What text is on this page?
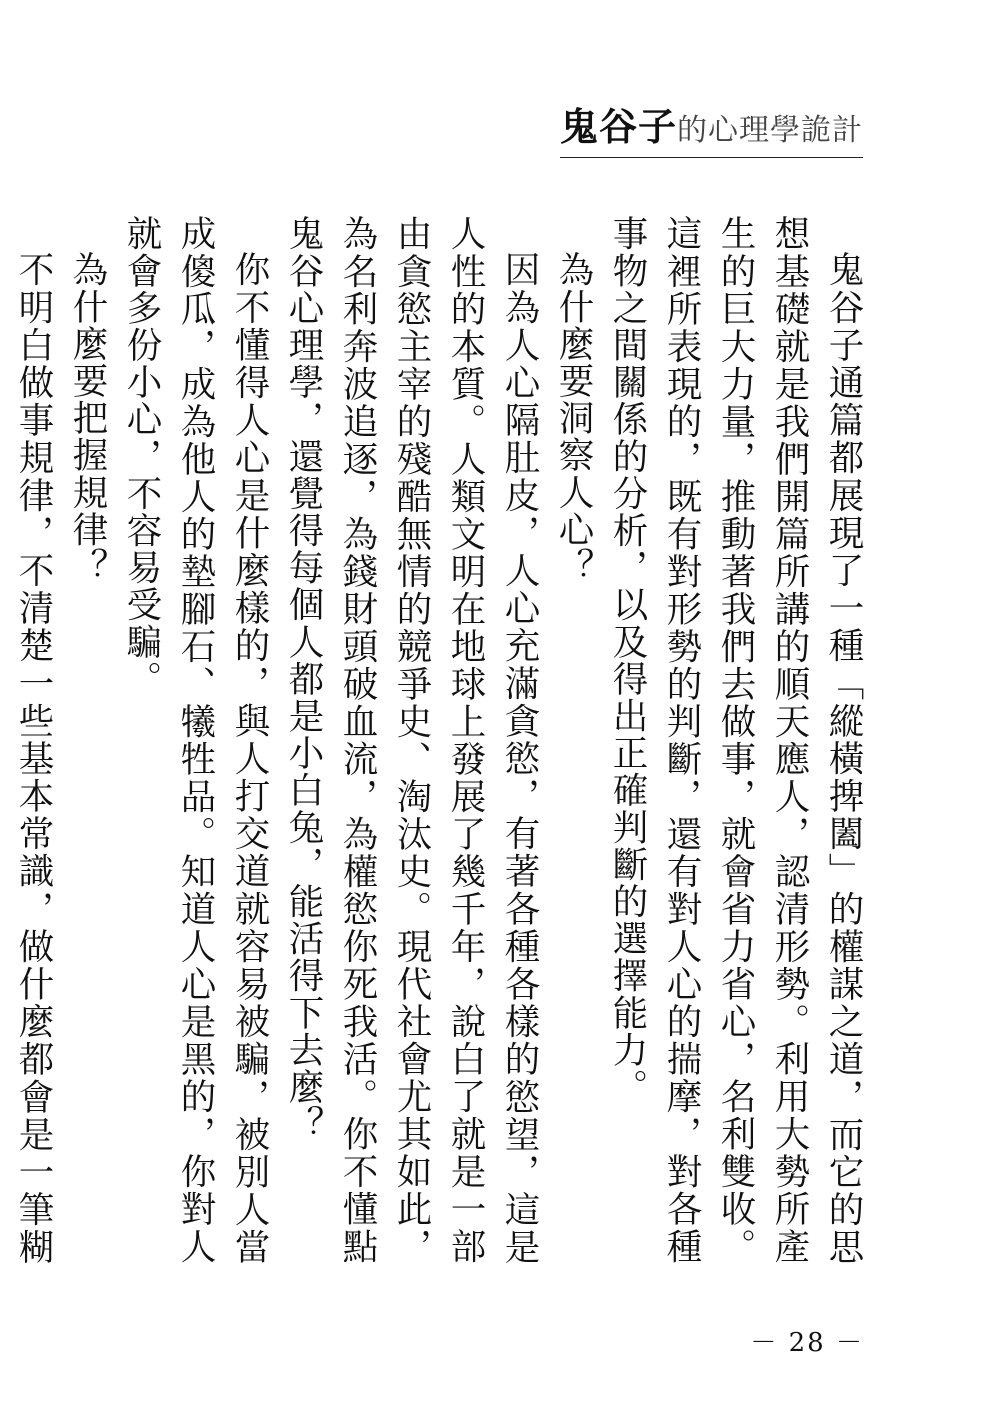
鬼谷子 的心理學詭計

鬼谷子通篇都展現了一種「縱橫捭闔」的權謀之道，而它的思想基礎就是我們開篇所講的順天應人，認清形勢。利用大勢所產生的巨大力量，推動著我們去做事，就會省力省心，名利雙收。這裡所表現的，既有對形勢的判斷，還有對人心的揣摩，對各種事物之間關係的分析，以及得出正確判斷的選擇能力。

為什麼要洞察人心？

因為人心隔肚皮，人心充滿貪慾，有著各種各樣的慾望，這是人性的本質。人類文明在地球上發展了幾千年，說白了就是一部由貪慾主宰的殘酷無情的競爭史、淘汰史。現代社會尤其如此，為名利奔波追逐，為錢財頭破血流，為權慾你死我活。你不懂點鬼谷心理學，還覺得每個人都是小白兔，能活得下去麼？

你不懂得人心是什麼樣的，與人打交道就容易被騙，被別人當成傻瓜，成為他人的墊腳石、犧牲品。知道人心是黑的，你對人就會多份小心，不容易受騙。

為什麼要把握規律？

不明白做事規律，不清楚一些基本常識，做什麼都會是一筆糊

－ 28 －
